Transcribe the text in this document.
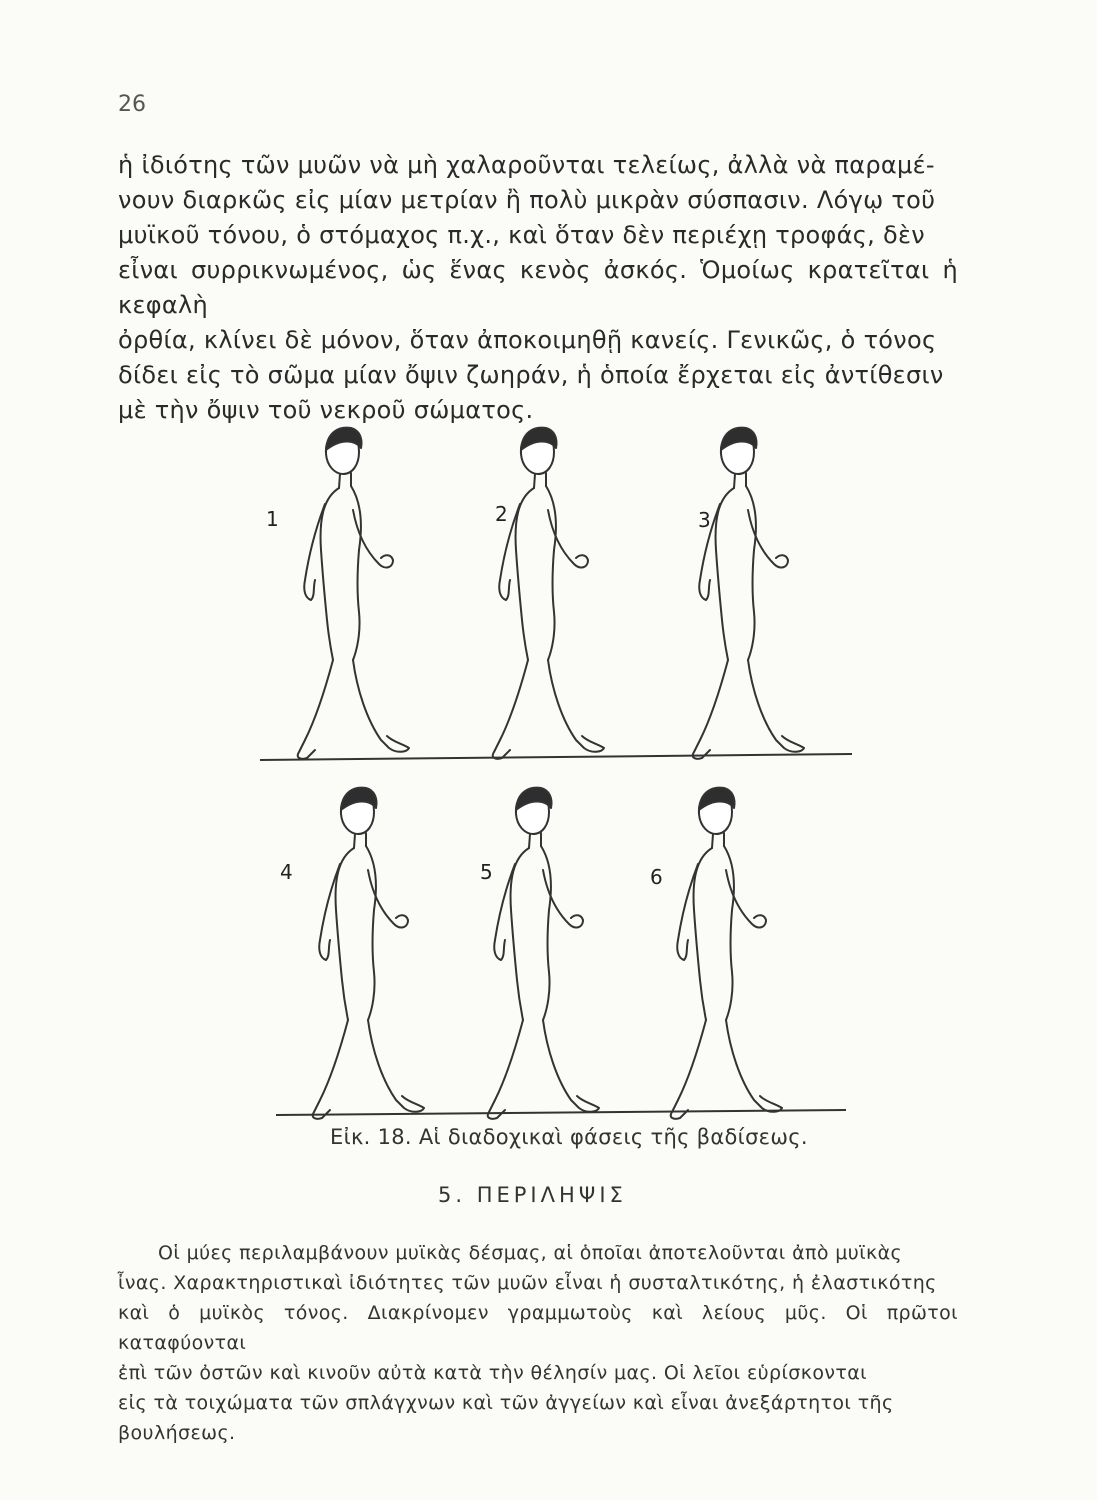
26

ἡ ἰδιότης τῶν μυῶν νὰ μὴ χαλαροῦνται τελείως, ἀλλὰ νὰ παραμέ-
νουν διαρκῶς εἰς μίαν μετρίαν ἢ πολὺ μικρὰν σύσπασιν. Λόγῳ τοῦ
μυϊκοῦ τόνου, ὁ στόμαχος π.χ., καὶ ὅταν δὲν περιέχῃ τροφάς, δὲν
εἶναι συρρικνωμένος, ὡς ἕνας κενὸς ἀσκός. Ὁμοίως κρατεῖται ἡ κεφαλὴ
ὀρθία, κλίνει δὲ μόνον, ὅταν ἀποκοιμηθῇ κανείς. Γενικῶς, ὁ τόνος
δίδει εἰς τὸ σῶμα μίαν ὄψιν ζωηράν, ἡ ὁποία ἔρχεται εἰς ἀντίθεσιν
μὲ τὴν ὄψιν τοῦ νεκροῦ σώματος.

1	2	3
4	5	6
Εἰκ. 18. Αἱ διαδοχικαὶ φάσεις τῆς βαδίσεως.
5. ΠΕΡΙΛΗΨΙΣ

Οἱ μύες περιλαμβάνουν μυϊκὰς δέσμας, αἱ ὁποῖαι ἀποτελοῦνται ἀπὸ μυϊκὰς
ἶνας. Χαρακτηριστικαὶ ἰδιότητες τῶν μυῶν εἶναι ἡ συσταλτικότης, ἡ ἐλαστικότης
καὶ ὁ μυϊκὸς τόνος. Διακρίνομεν γραμμωτοὺς καὶ λείους μῦς. Οἱ πρῶτοι καταφύονται
ἐπὶ τῶν ὀστῶν καὶ κινοῦν αὐτὰ κατὰ τὴν θέλησίν μας. Οἱ λεῖοι εὑρίσκονται
εἰς τὰ τοιχώματα τῶν σπλάγχνων καὶ τῶν ἀγγείων καὶ εἶναι ἀνεξάρτητοι τῆς
βουλήσεως.
